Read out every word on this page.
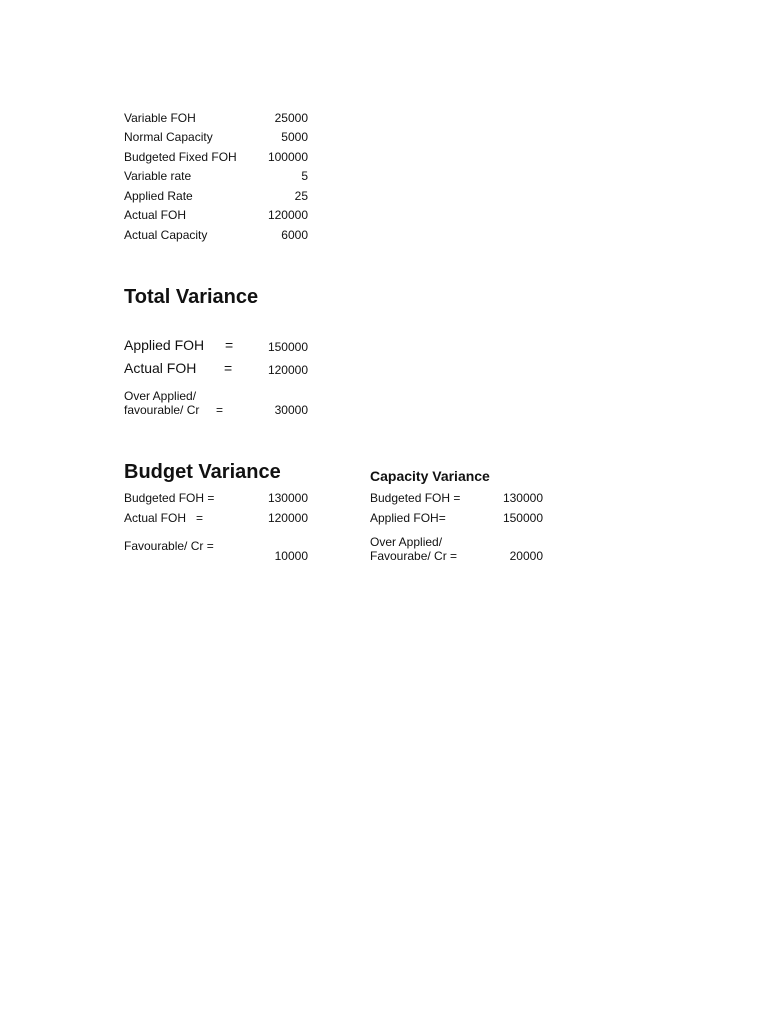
Variable FOH	25000
Normal Capacity	5000
Budgeted Fixed FOH	100000
Variable rate	5
Applied Rate	25
Actual FOH	120000
Actual Capacity	6000
Total Variance
Applied FOH =	150000
Actual FOH =	120000
Over Applied/
favourable/ Cr =	30000
Budget Variance
Budgeted FOH =	130000
Actual FOH =	120000
Favourable/ Cr =
10000
Capacity Variance
Budgeted FOH =	130000
Applied FOH=	150000
Over Applied/
Favourabe/ Cr =	20000
